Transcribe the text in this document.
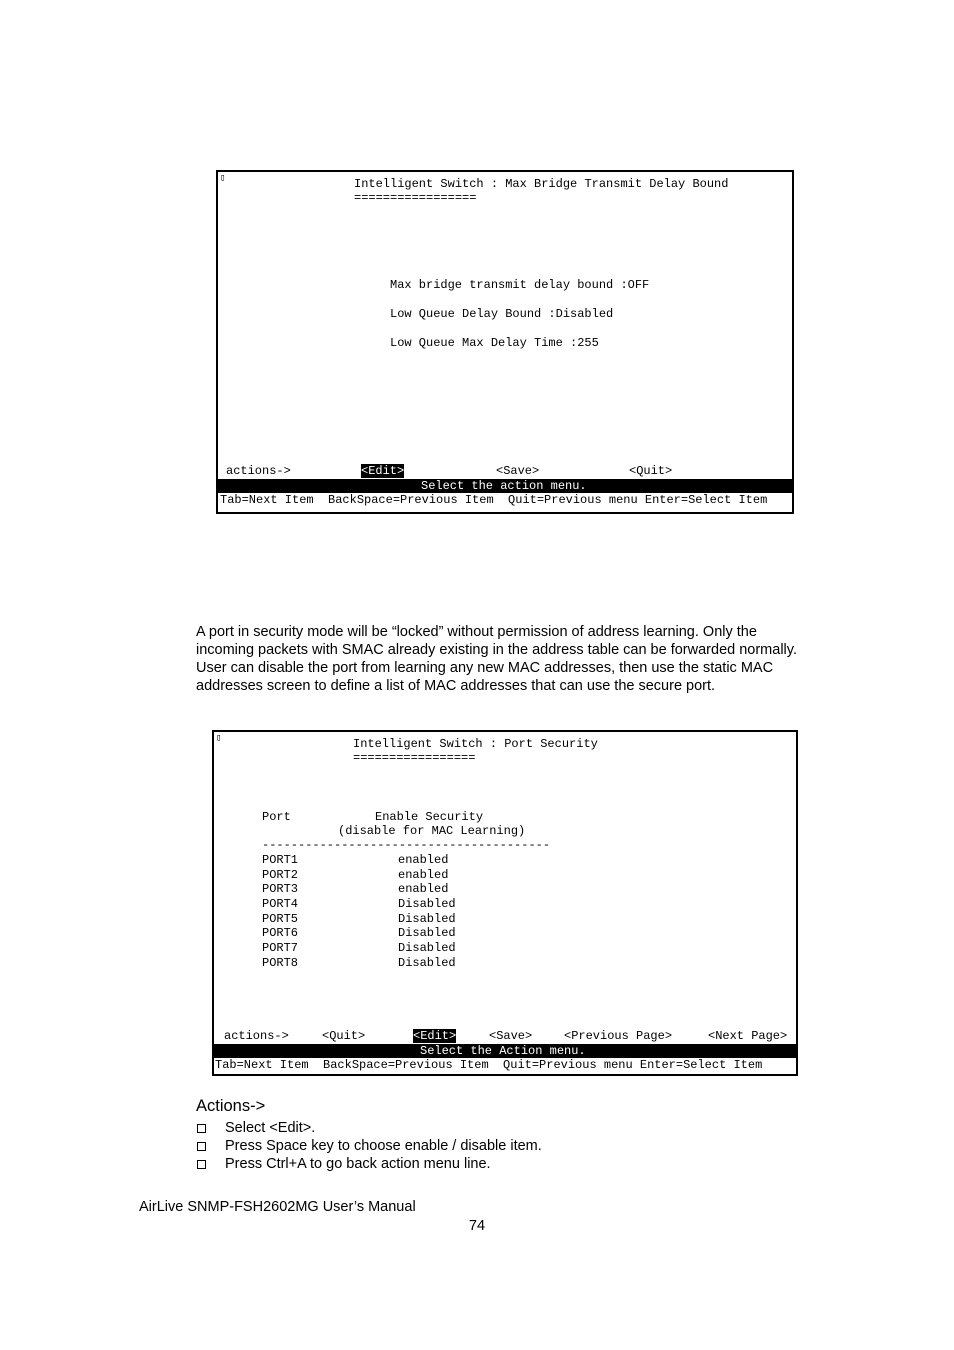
▯	Intelligent Switch : Max Bridge Transmit Delay Bound
=================
Max bridge transmit delay bound :OFF
Low Queue Delay Bound :Disabled
Low Queue Max Delay Time :255
actions->	<Edit>	<Save>	<Quit>
Select the action menu.
Tab=Next Item  BackSpace=Previous Item  Quit=Previous menu Enter=Select Item

A port in security mode will be “locked” without permission of address learning. Only the incoming packets with SMAC already existing in the address table can be forwarded normally. User can disable the port from learning any new MAC addresses, then use the static MAC addresses screen to define a list of MAC addresses that can use the secure port.

▯	Intelligent Switch : Port Security
=================
Port	Enable Security
(disable for MAC Learning)
----------------------------------------
PORT1	enabled
PORT2	enabled
PORT3	enabled
PORT4	Disabled
PORT5	Disabled
PORT6	Disabled
PORT7	Disabled
PORT8	Disabled
actions->	<Quit>	<Edit>	<Save>	<Previous Page>	<Next Page>
Select the Action menu.
Tab=Next Item  BackSpace=Previous Item  Quit=Previous menu Enter=Select Item
Actions->
Select <Edit>.
Press Space key to choose enable / disable item.
Press Ctrl+A to go back action menu line.
AirLive SNMP-FSH2602MG User’s Manual
74
